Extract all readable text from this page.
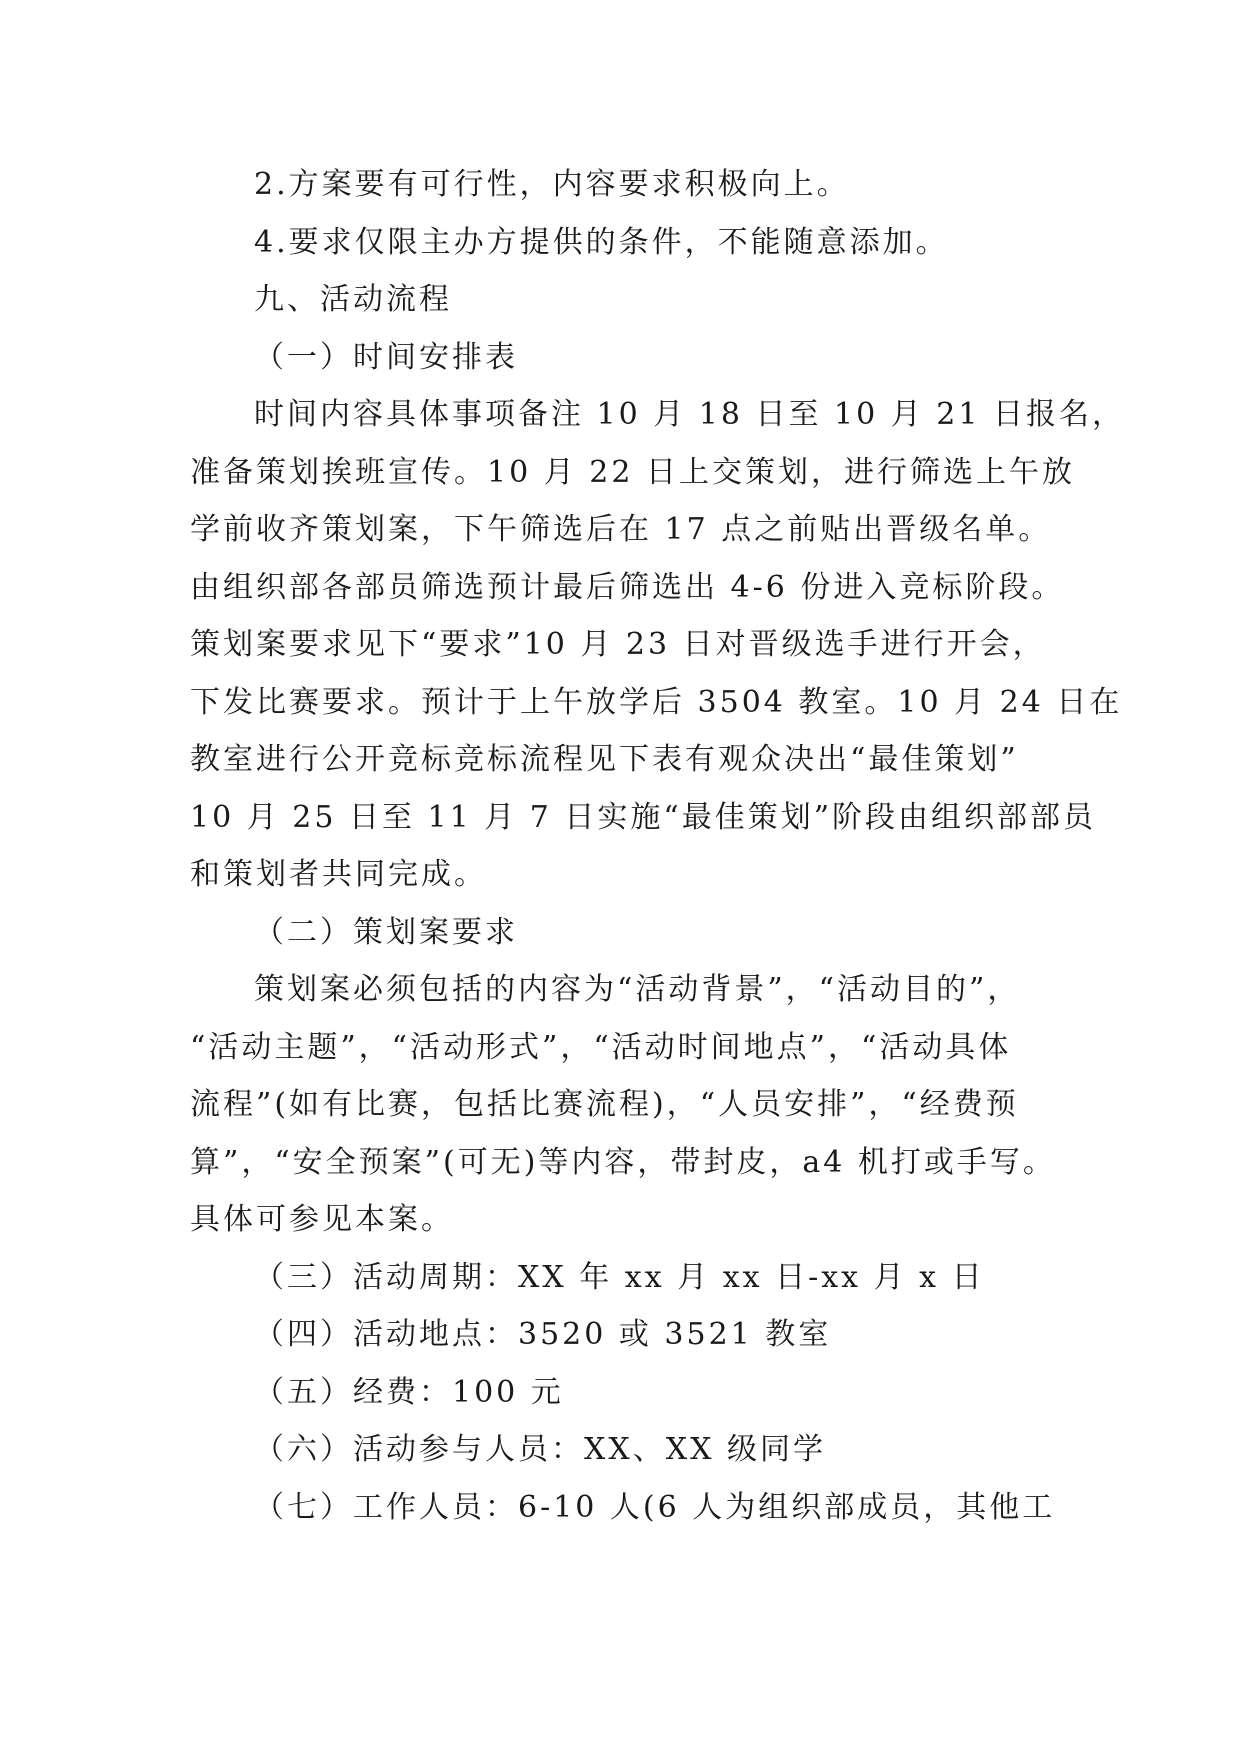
2.方案要有可行性，内容要求积极向上。
4.要求仅限主办方提供的条件，不能随意添加。
九、活动流程
（一）时间安排表
时间内容具体事项备注 10 月 18 日至 10 月 21 日报名，
准备策划挨班宣传。10 月 22 日上交策划，进行筛选上午放
学前收齐策划案，下午筛选后在 17 点之前贴出晋级名单。
由组织部各部员筛选预计最后筛选出 4-6 份进入竞标阶段。
策划案要求见下“要求”10 月 23 日对晋级选手进行开会，
下发比赛要求。预计于上午放学后 3504 教室。10 月 24 日在
教室进行公开竞标竞标流程见下表有观众决出“最佳策划”
10 月 25 日至 11 月 7 日实施“最佳策划”阶段由组织部部员
和策划者共同完成。
（二）策划案要求
策划案必须包括的内容为“活动背景”，“活动目的”，
“活动主题”，“活动形式”，“活动时间地点”，“活动具体
流程”(如有比赛，包括比赛流程)，“人员安排”，“经费预
算”，“安全预案”(可无)等内容，带封皮，a4 机打或手写。
具体可参见本案。
（三）活动周期：XX 年 xx 月 xx 日-xx 月 x 日
（四）活动地点：3520 或 3521 教室
（五）经费：100 元
（六）活动参与人员：XX、XX 级同学
（七）工作人员：6-10 人(6 人为组织部成员，其他工
